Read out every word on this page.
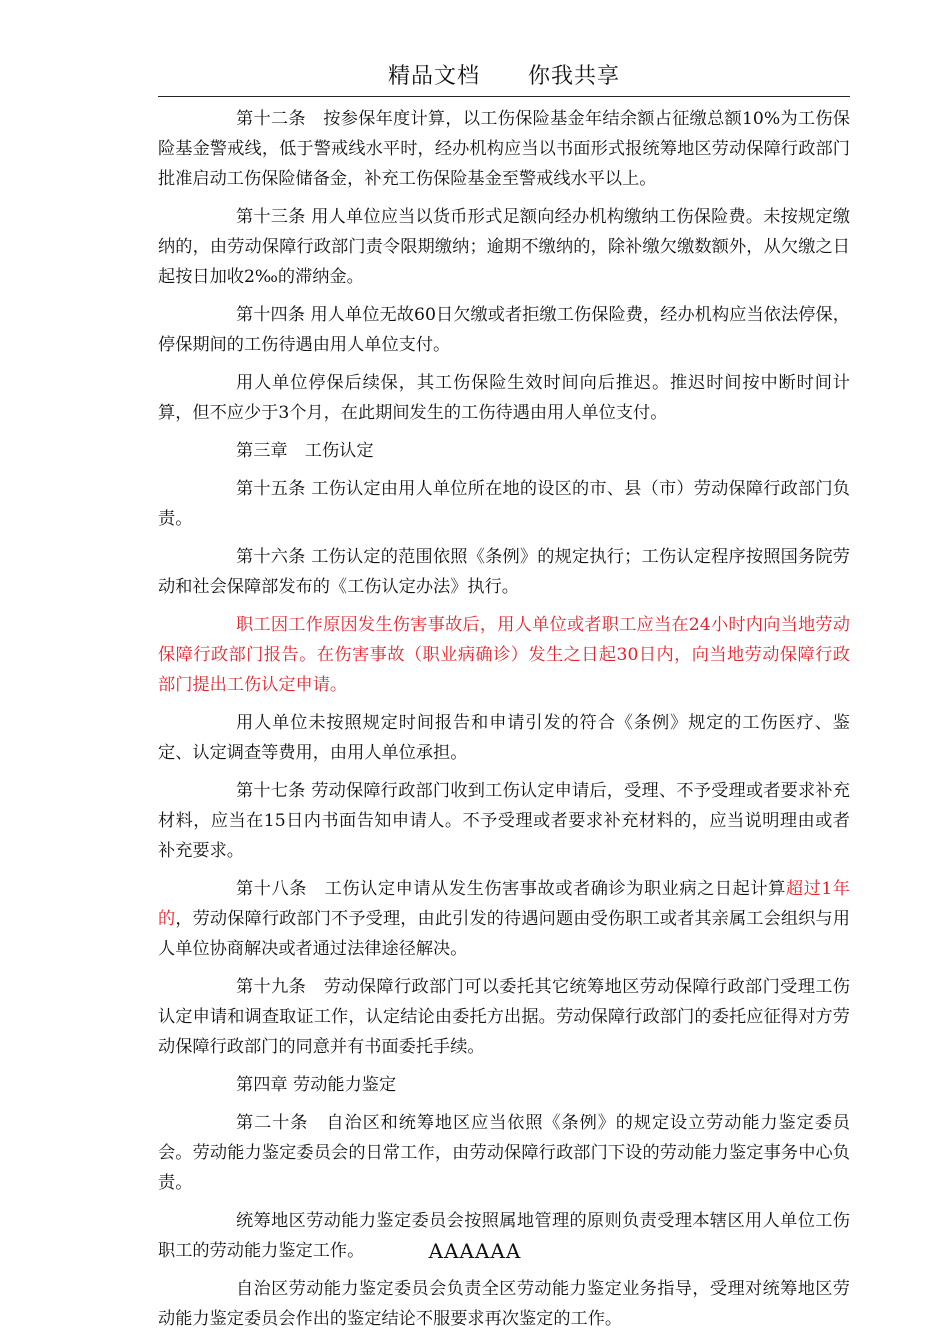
精品文档 你我共享

第十二条　按参保年度计算，以工伤保险基金年结余额占征缴总额10%为工伤保险基金警戒线，低于警戒线水平时，经办机构应当以书面形式报统筹地区劳动保障行政部门批准启动工伤保险储备金，补充工伤保险基金至警戒线水平以上。

第十三条 用人单位应当以货币形式足额向经办机构缴纳工伤保险费。未按规定缴纳的，由劳动保障行政部门责令限期缴纳；逾期不缴纳的，除补缴欠缴数额外，从欠缴之日起按日加收2‰的滞纳金。

第十四条 用人单位无故60日欠缴或者拒缴工伤保险费，经办机构应当依法停保，停保期间的工伤待遇由用人单位支付。

用人单位停保后续保，其工伤保险生效时间向后推迟。推迟时间按中断时间计算，但不应少于3个月，在此期间发生的工伤待遇由用人单位支付。

第三章　工伤认定

第十五条 工伤认定由用人单位所在地的设区的市、县（市）劳动保障行政部门负责。

第十六条 工伤认定的范围依照《条例》的规定执行；工伤认定程序按照国务院劳动和社会保障部发布的《工伤认定办法》执行。

职工因工作原因发生伤害事故后，用人单位或者职工应当在24小时内向当地劳动保障行政部门报告。在伤害事故（职业病确诊）发生之日起30日内，向当地劳动保障行政部门提出工伤认定申请。

用人单位未按照规定时间报告和申请引发的符合《条例》规定的工伤医疗、鉴定、认定调查等费用，由用人单位承担。

第十七条 劳动保障行政部门收到工伤认定申请后，受理、不予受理或者要求补充材料，应当在15日内书面告知申请人。不予受理或者要求补充材料的，应当说明理由或者补充要求。

第十八条　工伤认定申请从发生伤害事故或者确诊为职业病之日起计算超过1年的，劳动保障行政部门不予受理，由此引发的待遇问题由受伤职工或者其亲属工会组织与用人单位协商解决或者通过法律途径解决。

第十九条　劳动保障行政部门可以委托其它统筹地区劳动保障行政部门受理工伤认定申请和调查取证工作，认定结论由委托方出据。劳动保障行政部门的委托应征得对方劳动保障行政部门的同意并有书面委托手续。

第四章 劳动能力鉴定

第二十条　自治区和统筹地区应当依照《条例》的规定设立劳动能力鉴定委员会。劳动能力鉴定委员会的日常工作，由劳动保障行政部门下设的劳动能力鉴定事务中心负责。

统筹地区劳动能力鉴定委员会按照属地管理的原则负责受理本辖区用人单位工伤职工的劳动能力鉴定工作。

自治区劳动能力鉴定委员会负责全区劳动能力鉴定业务指导，受理对统筹地区劳动能力鉴定委员会作出的鉴定结论不服要求再次鉴定的工作。

AAAAAA
